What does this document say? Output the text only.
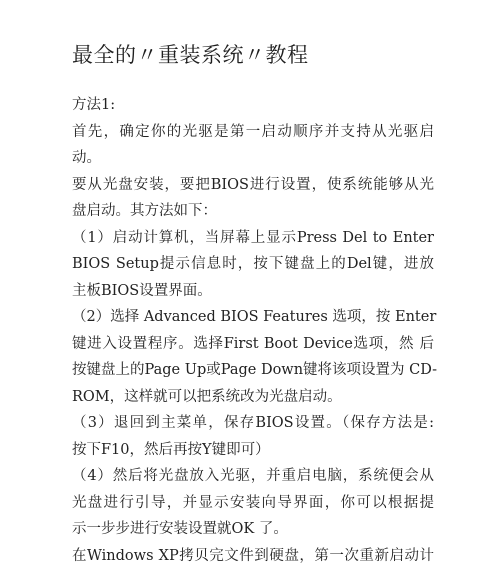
最全的〃重装系统〃教程
方法1:
首先，确定你的光驱是第一启动顺序并支持从光驱启
动。
要从光盘安装，要把BIOS进行设置，使系统能够从光
盘启动。其方法如下：
（1）启动计算机，当屏幕上显示Press Del to Enter
BIOS Setup提示信息时，按下键盘上的Del键，进放
主板BIOS设置界面。
（2）选择 Advanced BIOS Features 选项，按 Enter
键进入设置程序。选择First Boot Device选项，然 后
按键盘上的Page Up或Page Down键将该项设置为 CD-
ROM，这样就可以把系统改为光盘启动。
（3）退回到主菜单，保存BIOS设置。（保存方法是:
按下F10，然后再按Y键即可）
（4）然后将光盘放入光驱，并重启电脑，系统便会从
光盘进行引导，并显示安装向导界面，你可以根据提
示一步步进行安装设置就OK 了。
在Windows XP拷贝完文件到硬盘，第一次重新启动计
